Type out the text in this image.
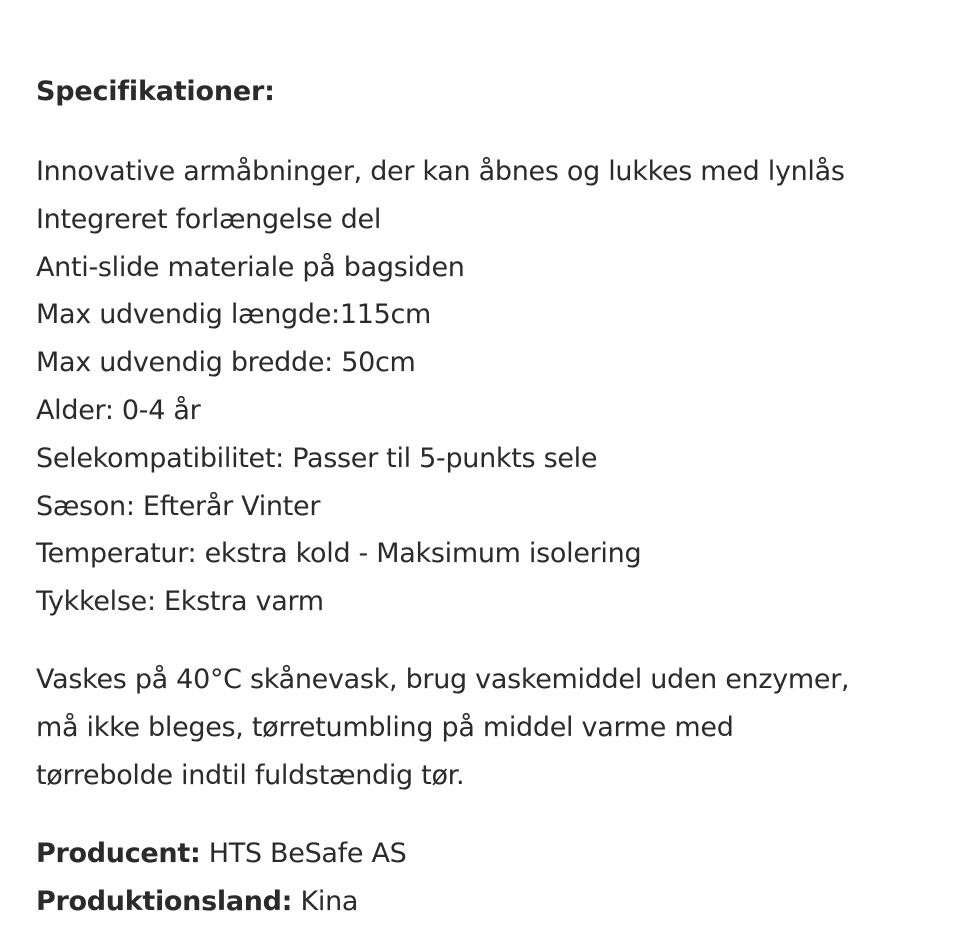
Specifikationer:
Innovative armåbninger, der kan åbnes og lukkes med lynlås
Integreret forlængelse del
Anti-slide materiale på bagsiden
Max udvendig længde:115cm
Max udvendig bredde: 50cm
Alder: 0-4 år
Selekompatibilitet: Passer til 5-punkts sele
Sæson: Efterår Vinter
Temperatur: ekstra kold - Maksimum isolering
Tykkelse: Ekstra varm

Vaskes på 40°C skånevask, brug vaskemiddel uden enzymer,
må ikke bleges, tørretumbling på middel varme med
tørrebolde indtil fuldstændig tør.

Producent: HTS BeSafe AS
Produktionsland: Kina
